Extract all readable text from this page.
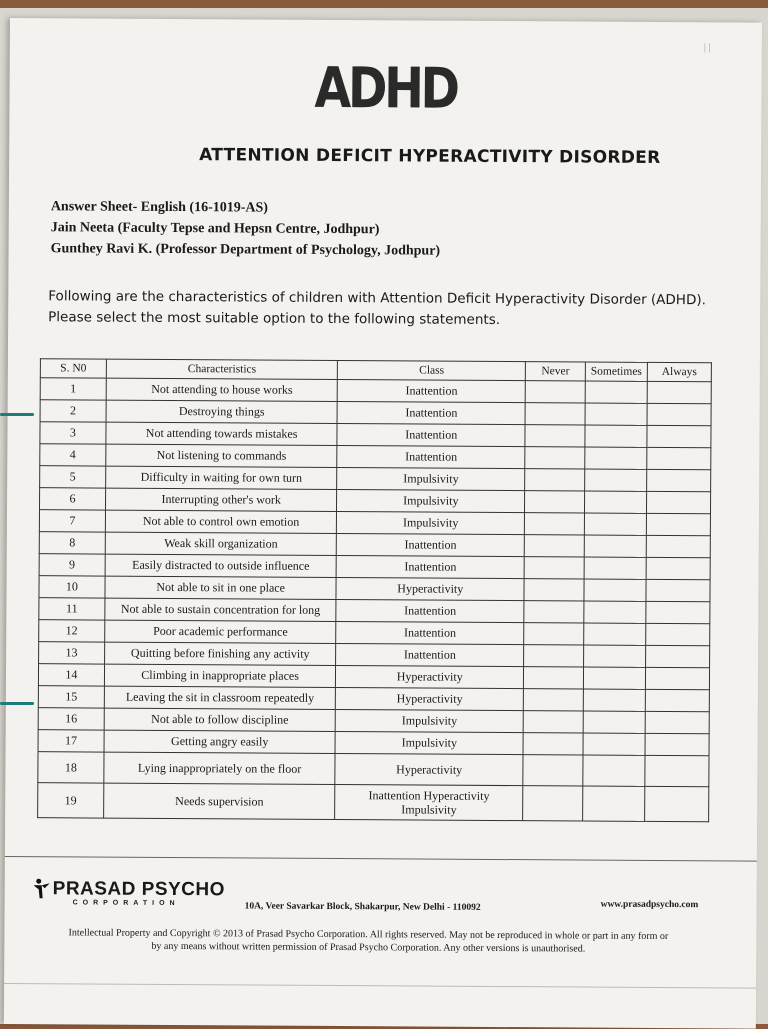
| |
ADHD
ATTENTION DEFICIT HYPERACTIVITY DISORDER
Answer Sheet- English (16-1019-AS)
Jain Neeta (Faculty Tepse and Hepsn Centre, Jodhpur)
Gunthey Ravi K. (Professor Department of Psychology, Jodhpur)
Following are the characteristics of children with Attention Deficit Hyperactivity Disorder (ADHD). Please select the most suitable option to the following statements.
S. N0	Characteristics	Class	Never	Sometimes	Always
1	Not attending to house works	Inattention			
2	Destroying things	Inattention			
3	Not attending towards mistakes	Inattention			
4	Not listening to commands	Inattention			
5	Difficulty in waiting for own turn	Impulsivity			
6	Interrupting other's work	Impulsivity			
7	Not able to control own emotion	Impulsivity			
8	Weak skill organization	Inattention			
9	Easily distracted to outside influence	Inattention			
10	Not able to sit in one place	Hyperactivity			
11	Not able to sustain concentration for long	Inattention			
12	Poor academic performance	Inattention			
13	Quitting before finishing any activity	Inattention			
14	Climbing in inappropriate places	Hyperactivity			
15	Leaving the sit in classroom repeatedly	Hyperactivity			
16	Not able to follow discipline	Impulsivity			
17	Getting angry easily	Impulsivity			
18	Lying inappropriately on the floor	Hyperactivity			
19	Needs supervision	Inattention Hyperactivity
Impulsivity			

PRASAD PSYCHO
CORPORATION	10A, Veer Savarkar Block, Shakarpur, New Delhi - 110092	www.prasadpsycho.com
Intellectual Property and Copyright © 2013 of Prasad Psycho Corporation. All rights reserved. May not be reproduced in whole or part in any form or
by any means without written permission of Prasad Psycho Corporation. Any other versions is unauthorised.
